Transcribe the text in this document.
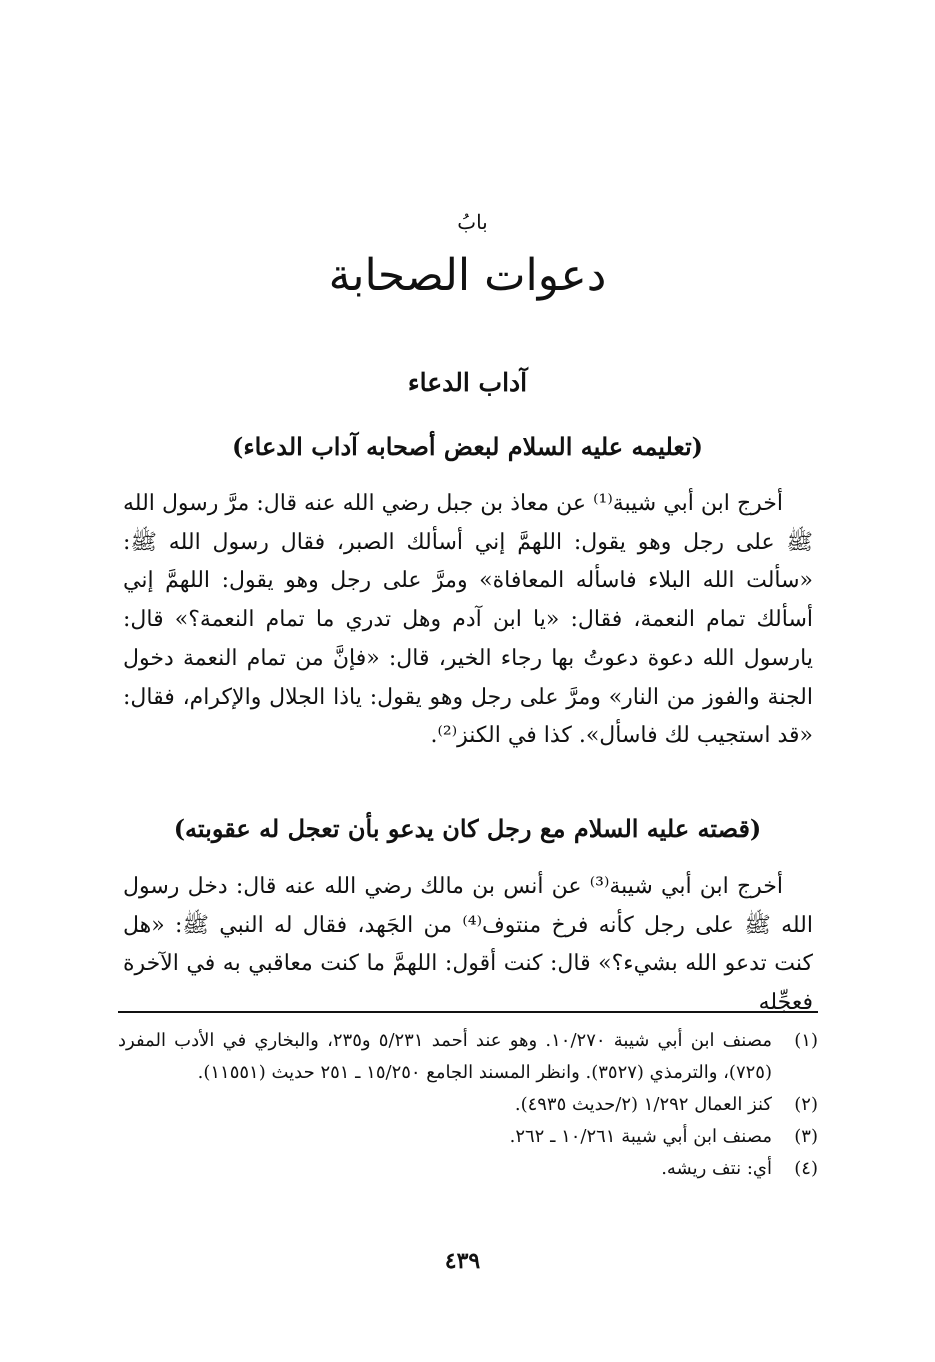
بابُ
دعوات الصحابة
آداب الدعاء
(تعليمه عليه السلام لبعض أصحابه آداب الدعاء)

أخرج ابن أبي شيبة⁽¹⁾ عن معاذ بن جبل رضي الله عنه قال: مرَّ رسول الله ﷺ على رجل وهو يقول: اللهمَّ إني أسألك الصبر، فقال رسول الله ﷺ: «سألت الله البلاء فاسأله المعافاة» ومرَّ على رجل وهو يقول: اللهمَّ إني أسألك تمام النعمة، فقال: «يا ابن آدم وهل تدري ما تمام النعمة؟» قال: يارسول الله دعوة دعوتُ بها رجاء الخير، قال: «فإنَّ من تمام النعمة دخول الجنة والفوز من النار» ومرَّ على رجل وهو يقول: ياذا الجلال والإكرام، فقال: «قد استجيب لك فاسأل». كذا في الكنز⁽²⁾.

(قصته عليه السلام مع رجل كان يدعو بأن تعجل له عقوبته)

أخرج ابن أبي شيبة⁽³⁾ عن أنس بن مالك رضي الله عنه قال: دخل رسول الله ﷺ على رجل كأنه فرخ منتوف⁽⁴⁾ من الجَهد، فقال له النبي ﷺ: «هل كنت تدعو الله بشيء؟» قال: كنت أقول: اللهمَّ ما كنت معاقبي به في الآخرة فعجِّله

(١)
مصنف ابن أبي شيبة ١٠/٢٧٠. وهو عند أحمد ٥/٢٣١ و٢٣٥، والبخاري في الأدب المفرد (٧٢٥)، والترمذي (٣٥٢٧). وانظر المسند الجامع ١٥/٢٥٠ ـ ٢٥١ حديث (١١٥٥١).
(٢)
كنز العمال ١/٢٩٢ (٢/حديث ٤٩٣٥).
(٣)
مصنف ابن أبي شيبة ١٠/٢٦١ ـ ٢٦٢.
(٤)
أي: نتف ريشه.
٤٣٩
